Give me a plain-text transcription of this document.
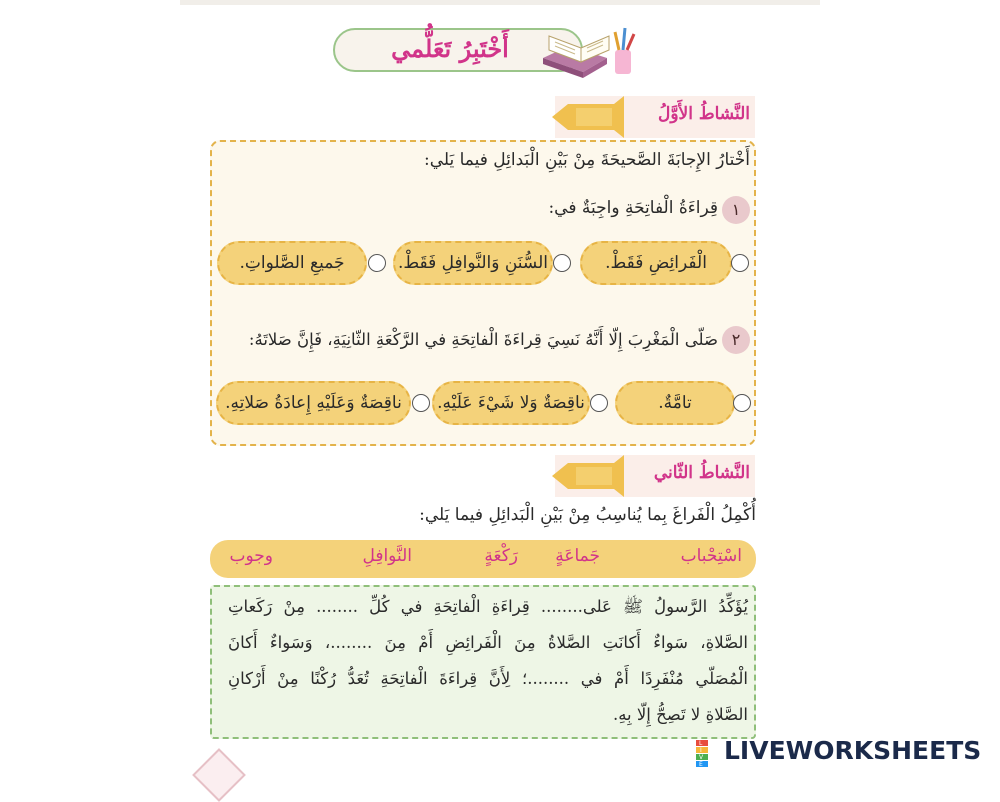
أَخْتَبِرُ تَعَلُّمي
النَّشاطُ الأَوَّلُ
أَخْتارُ الإِجابَةَ الصَّحيحَةَ مِنْ بَيْنِ الْبَدائِلِ فيما يَلي:
١
قِراءَةُ الْفاتِحَةِ واجِبَةٌ في:
الْفَرائِضِ فَقَطْ.
السُّنَنِ وَالنَّوافِلِ فَقَطْ.
جَميعِ الصَّلواتِ.
٢
صَلّى الْمَغْرِبَ إِلّا أَنَّهُ نَسِيَ قِراءَةَ الْفاتِحَةِ في الرَّكْعَةِ الثّانِيَةِ، فَإِنَّ صَلاتَهُ:
تامَّةٌ.
ناقِصَةٌ وَلا شَيْءَ عَلَيْهِ.
ناقِصَةٌ وَعَلَيْهِ إِعادَةُ صَلاتِهِ.
النَّشاطُ الثّاني
أُكْمِلُ الْفَراغَ بِما يُناسِبُ مِنْ بَيْنِ الْبَدائِلِ فيما يَلي:
اسْتِحْباب
جَماعَةٍ
رَكْعَةٍ
النَّوافِلِ
وجوب
يُؤَكِّدُ الرَّسولُ ﷺ عَلى........ قِراءَةِ الْفاتِحَةِ في كُلِّ ........ مِنْ رَكَعاتِ
الصَّلاةِ، سَواءٌ أَكانَتِ الصَّلاةُ مِنَ الْفَرائِضِ أَمْ مِنَ ........، وَسَواءٌ أَكانَ
الْمُصَلّي مُنْفَرِدًا أَمْ في ........؛ لِأَنَّ قِراءَةَ الْفاتِحَةِ تُعَدُّ رُكْنًا مِنْ أَرْكانِ
الصَّلاةِ لا تَصِحُّ إِلّا بِهِ.
L
I
V
E LIVEWORKSHEETS
